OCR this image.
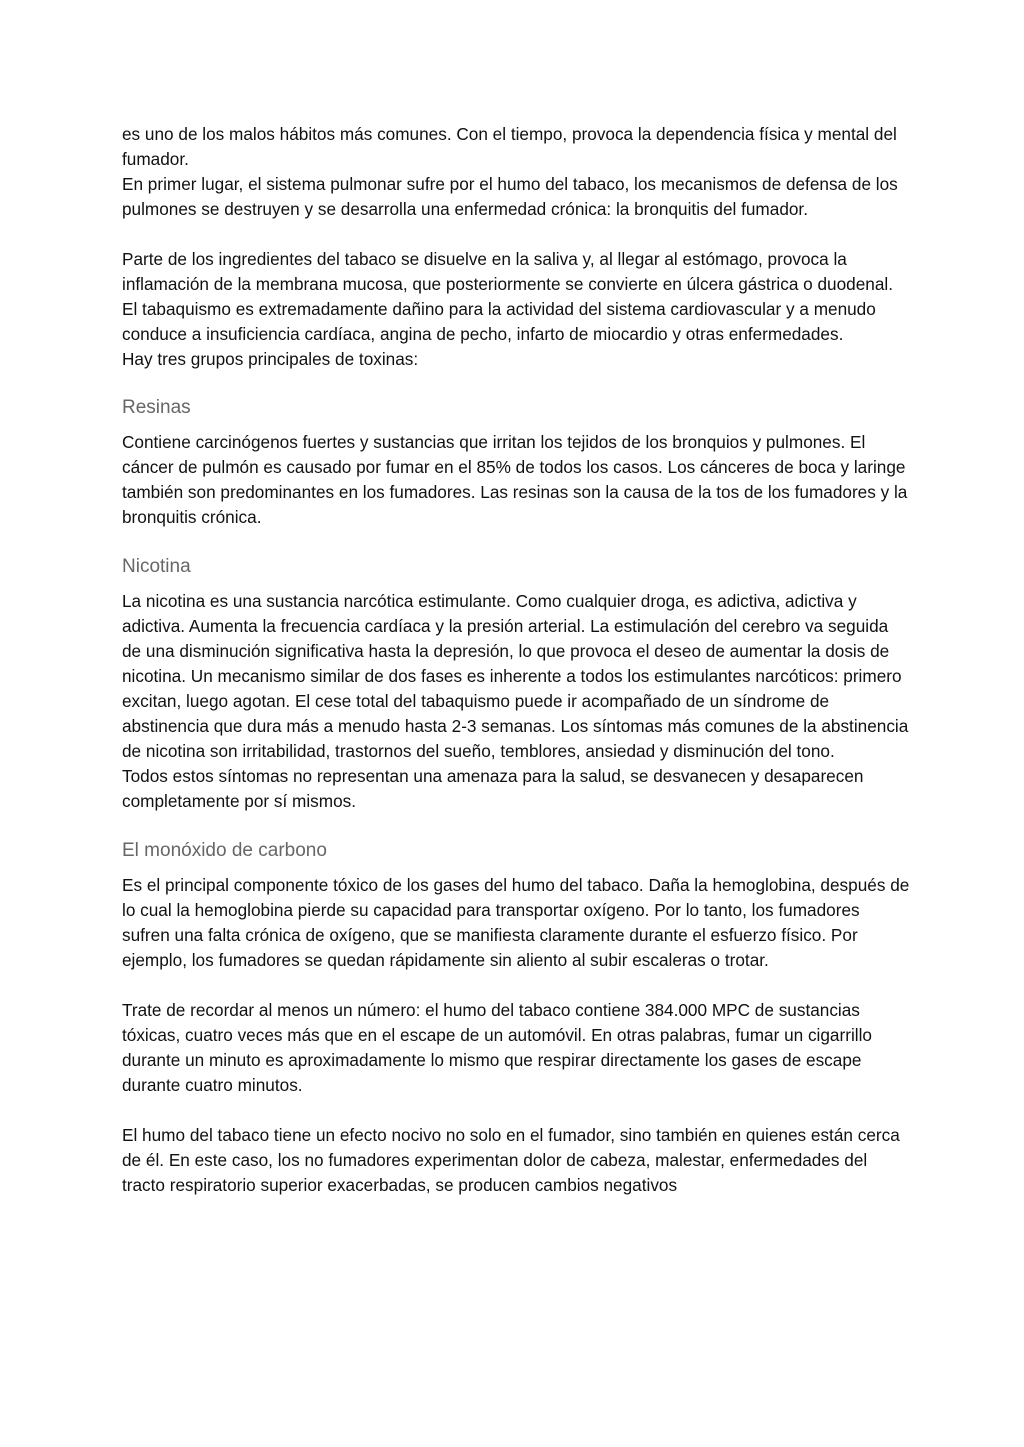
es uno de los malos hábitos más comunes. Con el tiempo, provoca la dependencia física y mental del fumador.

En primer lugar, el sistema pulmonar sufre por el humo del tabaco, los mecanismos de defensa de los pulmones se destruyen y se desarrolla una enfermedad crónica: la bronquitis del fumador.

Parte de los ingredientes del tabaco se disuelve en la saliva y, al llegar al estómago, provoca la inflamación de la membrana mucosa, que posteriormente se convierte en úlcera gástrica o duodenal.

El tabaquismo es extremadamente dañino para la actividad del sistema cardiovascular y a menudo conduce a insuficiencia cardíaca, angina de pecho, infarto de miocardio y otras enfermedades.

Hay tres grupos principales de toxinas:

Resinas

Contiene carcinógenos fuertes y sustancias que irritan los tejidos de los bronquios y pulmones. El cáncer de pulmón es causado por fumar en el 85% de todos los casos. Los cánceres de boca y laringe también son predominantes en los fumadores. Las resinas son la causa de la tos de los fumadores y la bronquitis crónica.

Nicotina

La nicotina es una sustancia narcótica estimulante. Como cualquier droga, es adictiva, adictiva y adictiva. Aumenta la frecuencia cardíaca y la presión arterial. La estimulación del cerebro va seguida de una disminución significativa hasta la depresión, lo que provoca el deseo de aumentar la dosis de nicotina. Un mecanismo similar de dos fases es inherente a todos los estimulantes narcóticos: primero excitan, luego agotan. El cese total del tabaquismo puede ir acompañado de un síndrome de abstinencia que dura más a menudo hasta 2-3 semanas. Los síntomas más comunes de la abstinencia de nicotina son irritabilidad, trastornos del sueño, temblores, ansiedad y disminución del tono.

Todos estos síntomas no representan una amenaza para la salud, se desvanecen y desaparecen completamente por sí mismos.

El monóxido de carbono

Es el principal componente tóxico de los gases del humo del tabaco. Daña la hemoglobina, después de lo cual la hemoglobina pierde su capacidad para transportar oxígeno. Por lo tanto, los fumadores sufren una falta crónica de oxígeno, que se manifiesta claramente durante el esfuerzo físico. Por ejemplo, los fumadores se quedan rápidamente sin aliento al subir escaleras o trotar.

Trate de recordar al menos un número: el humo del tabaco contiene 384.000 MPC de sustancias tóxicas, cuatro veces más que en el escape de un automóvil. En otras palabras, fumar un cigarrillo durante un minuto es aproximadamente lo mismo que respirar directamente los gases de escape durante cuatro minutos.

El humo del tabaco tiene un efecto nocivo no solo en el fumador, sino también en quienes están cerca de él. En este caso, los no fumadores experimentan dolor de cabeza, malestar, enfermedades del tracto respiratorio superior exacerbadas, se producen cambios negativos
